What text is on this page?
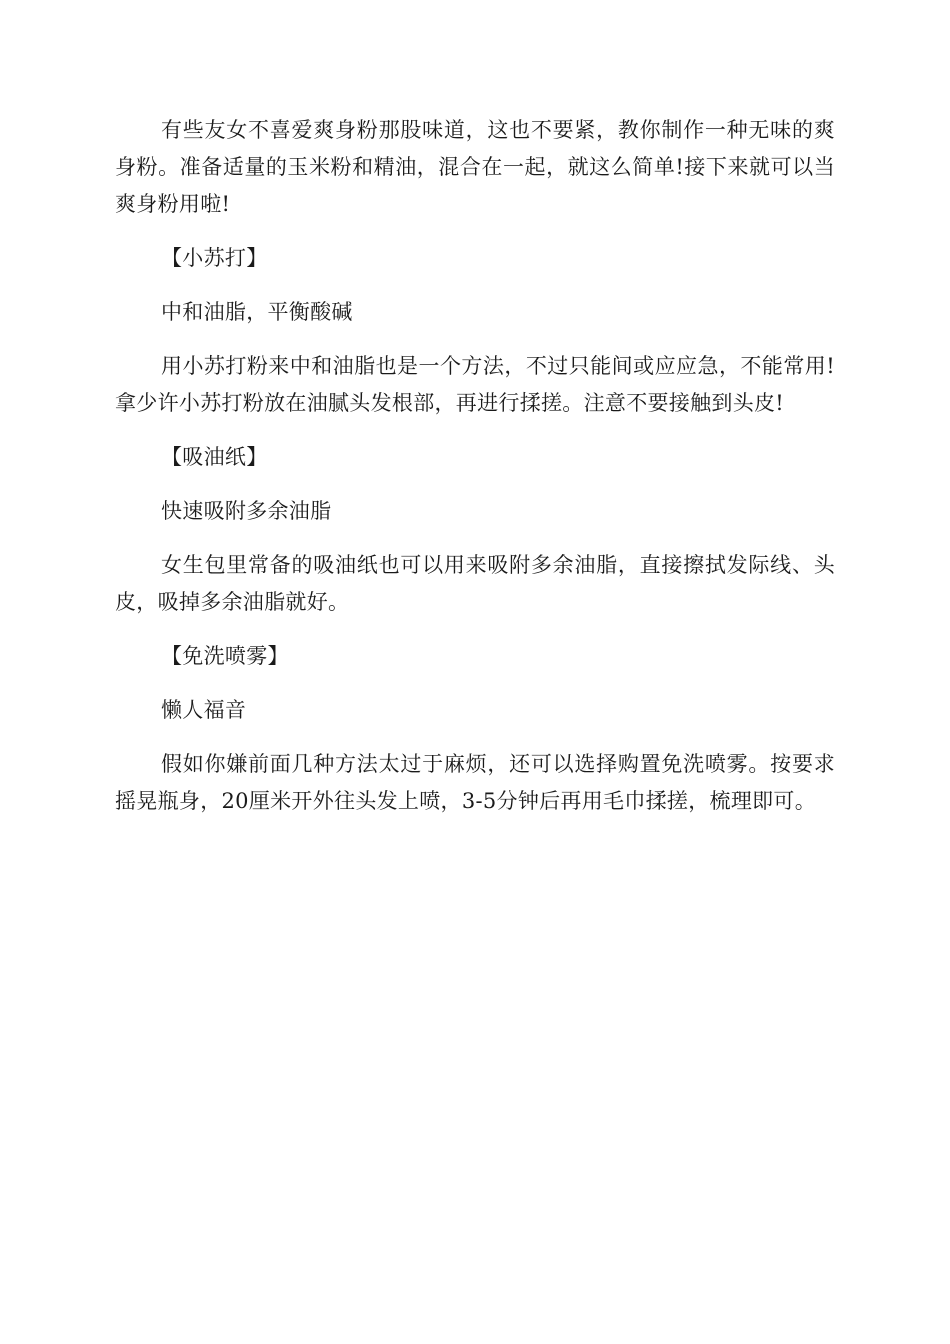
有些友女不喜爱爽身粉那股味道，这也不要紧，教你制作一种无味的爽身粉。准备适量的玉米粉和精油，混合在一起，就这么简单!接下来就可以当爽身粉用啦!

【小苏打】
中和油脂，平衡酸碱

用小苏打粉来中和油脂也是一个方法，不过只能间或应应急，不能常用!拿少许小苏打粉放在油腻头发根部，再进行揉搓。注意不要接触到头皮!

【吸油纸】
快速吸附多余油脂

女生包里常备的吸油纸也可以用来吸附多余油脂，直接擦拭发际线、头皮，吸掉多余油脂就好。

【免洗喷雾】
懒人福音

假如你嫌前面几种方法太过于麻烦，还可以选择购置免洗喷雾。按要求摇晃瓶身，20厘米开外往头发上喷，3-5分钟后再用毛巾揉搓，梳理即可。
